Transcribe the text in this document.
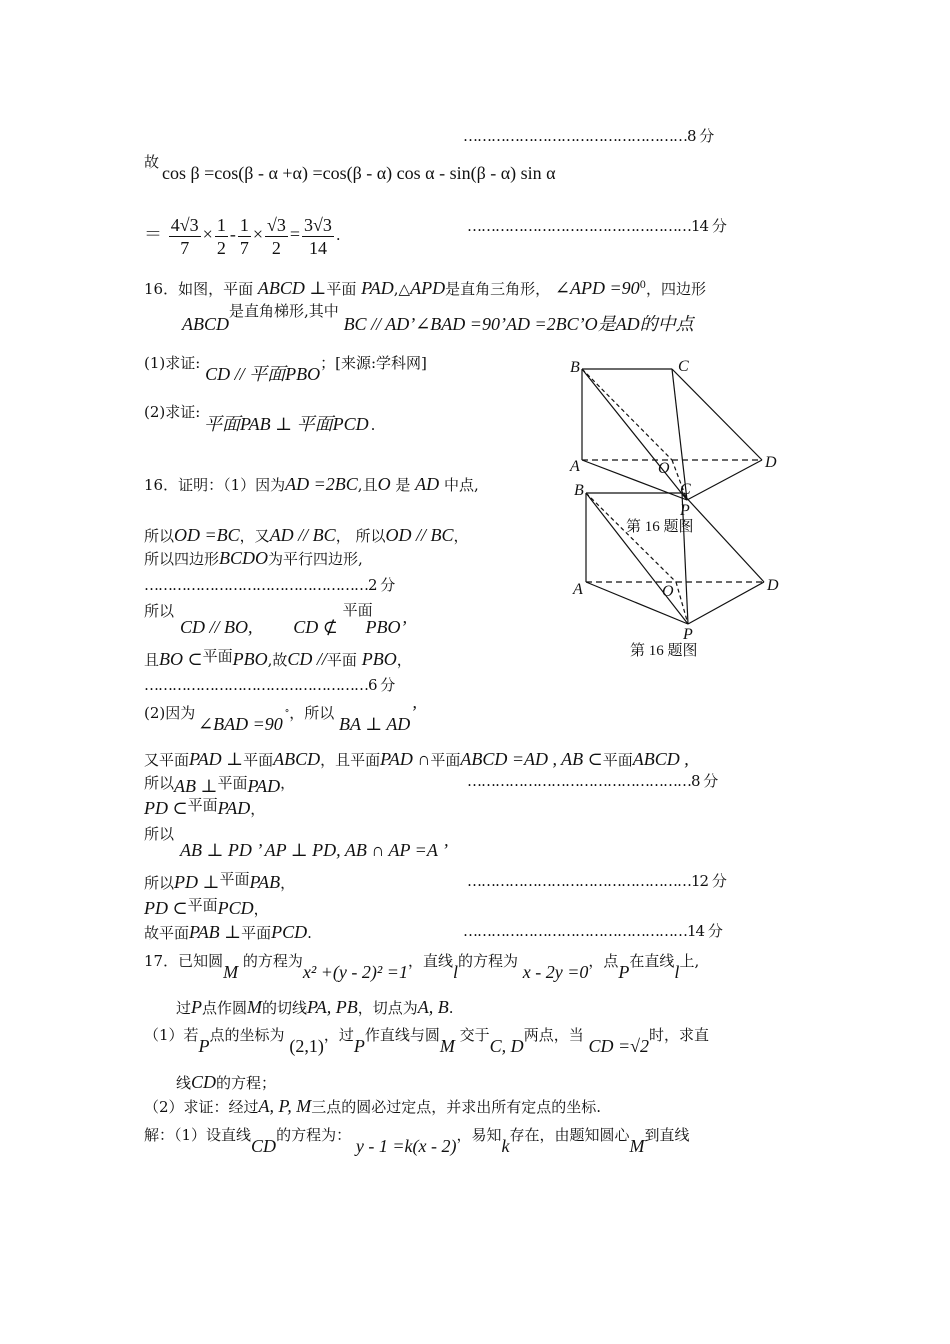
…………………………………………8 分
故
cos β =cos(β - α +α) =cos(β - α) cos α - sin(β - α) sin α
＝ $\frac{4√3}{7} \times \frac{1}{2} - \frac{1}{7} \times \frac{√3}{2} = \frac{3√3}{14}$ .	…………………………………………14 分
16．如图，平面 ABCD ⊥平面 PAD,△APD是直角三角形， ∠APD $=90^0$，四边形
ABCD是直角梯形,其中 BC // AD’∠BAD =90’AD =2BC’O是AD的中点
(1)求证: CD // 平面PBO；[来源:学科网]
(2)求证:
平面PAB ⊥ 平面PCD .
16．证明：（1）因为AD =2BC,且O 是 AD 中点,
所以OD =BC，又AD // BC， 所以OD // BC，
所以四边形BCDO为平行四边形,
…………………………………………2 分
所以
CD // BO, CD ⊄ 平面 PBO’
且BO ⊂平面PBO,故CD //平面 PBO，
…………………………………………6 分
(2)因为 ∠BAD =90 °，所以 BA ⊥ AD’
又平面PAD ⊥平面ABCD，且平面PAD ∩平面ABCD =AD , AB ⊂平面ABCD ,
所以AB ⊥平面PAD，	…………………………………………8 分
PD ⊂平面PAD，
所以
AB ⊥ PD ’ AP ⊥ PD, AB ∩ AP =A ’
所以PD ⊥平面PAB，	…………………………………………12 分
PD ⊂平面PCD，
故平面PAB ⊥平面PCD.	…………………………………………14 分
17．已知圆M 的方程为x² +(y - 2)² =1，直线l的方程为 x - 2y =0，点P在直线l上,
过P点作圆M的切线PA, PB，切点为A, B.
（1）若P点的坐标为 (2,1)，过P作直线与圆M 交于C, D两点，当 CD =√2时，求直
线CD的方程；
（2）求证：经过A, P, M三点的圆必过定点，并求出所有定点的坐标.
解：（1）设直线CD的方程为： y - 1 =k(x - 2)，易知k存在，由题知圆心M到直线
B	C
A	O	D
C
P
B
A	O	D
P
第 16 题图
第 16 题图
